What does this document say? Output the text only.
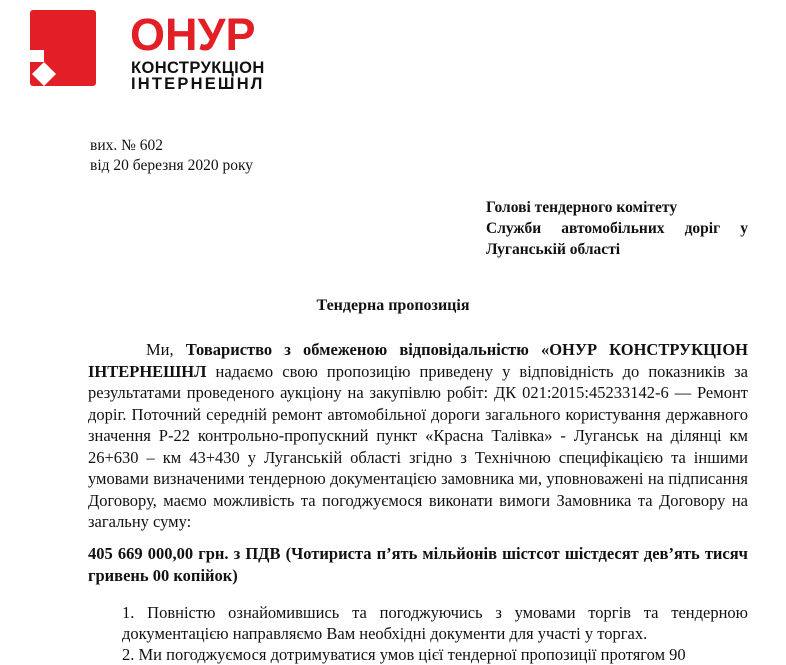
ОНУР
КОНСТРУКЦІОН
ІНТЕРНЕШНЛ
вих. № 602
від 20 березня 2020 року
Голові тендерного комітету
Служби автомобільних доріг у
Луганській області
Тендерна пропозиція
Ми, Товариство з обмеженою відповідальністю «ОНУР КОНСТРУКЦІОН ІНТЕРНЕШНЛ надаємо свою пропозицію приведену у відповідність до показників за результатами проведеного аукціону на закупівлю робіт: ДК 021:2015:45233142-6 — Ремонт доріг. Поточний середній ремонт автомобільної дороги загального користування державного значення Р-22 контрольно-пропускний пункт «Красна Талівка» - Луганськ на ділянці км 26+630 – км 43+430 у Луганській області згідно з Технічною специфікацією та іншими умовами визначеними тендерною документацією замовника ми, уповноважені на підписання Договору, маємо можливість та погоджуємося виконати вимоги Замовника та Договору на загальну суму:
405 669 000,00 грн. з ПДВ (Чотириста п’ять мільйонів шістсот шістдесят дев’ять тисяч гривень 00 копійок)

1. Повністю ознайомившись та погоджуючись з умовами торгів та тендерною документацією направляємо Вам необхідні документи для участі у торгах.

2. Ми погоджуємося дотримуватися умов цієї тендерної пропозиції протягом 90
